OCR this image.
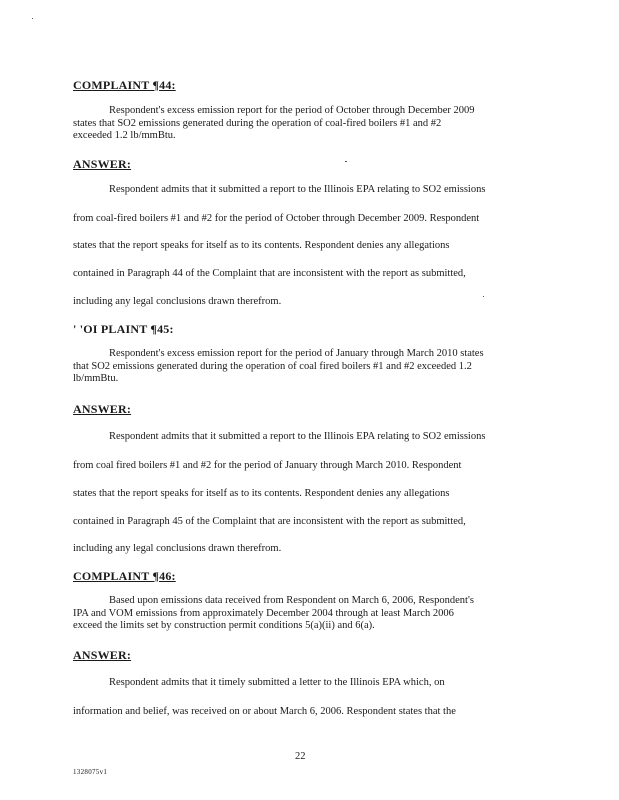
COMPLAINT ¶44:
Respondent's excess emission report for the period of October through December 2009
states that SO2 emissions generated during the operation of coal-fired boilers #1 and #2
exceeded 1.2 lb/mmBtu.
ANSWER:
Respondent admits that it submitted a report to the Illinois EPA relating to SO2 emissions
from coal-fired boilers #1 and #2 for the period of October through December 2009. Respondent
states that the report speaks for itself as to its contents. Respondent denies any allegations
contained in Paragraph 44 of the Complaint that are inconsistent with the report as submitted,
including any legal conclusions drawn therefrom.
' 'OI PLAINT ¶45:
Respondent's excess emission report for the period of January through March 2010 states
that SO2 emissions generated during the operation of coal fired boilers #1 and #2 exceeded 1.2
lb/mmBtu.
ANSWER:
Respondent admits that it submitted a report to the Illinois EPA relating to SO2 emissions
from coal fired boilers #1 and #2 for the period of January through March 2010. Respondent
states that the report speaks for itself as to its contents. Respondent denies any allegations
contained in Paragraph 45 of the Complaint that are inconsistent with the report as submitted,
including any legal conclusions drawn therefrom.
COMPLAINT ¶46:
Based upon emissions data received from Respondent on March 6, 2006, Respondent's
IPA and VOM emissions from approximately December 2004 through at least March 2006
exceed the limits set by construction permit conditions 5(a)(ii) and 6(a).
ANSWER:
Respondent admits that it timely submitted a letter to the Illinois EPA which, on
information and belief, was received on or about March 6, 2006. Respondent states that the
22
1328075v1
